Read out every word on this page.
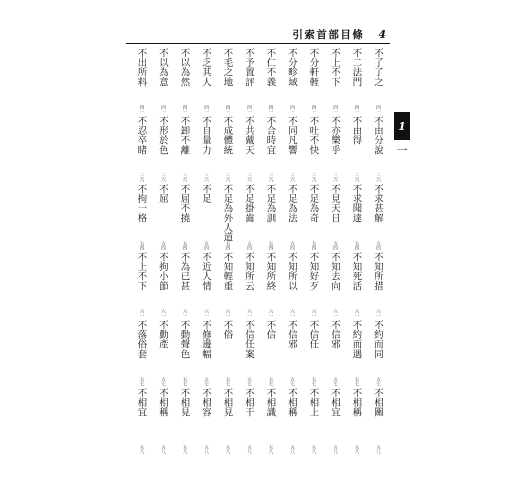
引索首部目條 4
不了了之
四一
不由分說
三六
不求甚解
五四
不知所措
六一
不約而同
五七
不相關
五八
不二法門
四一
不由得
三六
不求聞達
五四
不知死活
六一
不約而遇
五七
不相稱
五八
不上不下
四一
不亦樂乎
三六
不見天日
五四
不知去向
六一
不信邪
五七
不相宜
五八
不分軒輊
四一
不吐不快
三六
不足為奇
五四
不知好歹
六一
不信任
五七
不相上
五八
不分畛域
四一
不同凡響
三六
不足為法
五四
不知所以
六一
不信邪
五七
不相稱
五八
不仁不義
四一
不合時宜
三六
不足為訓
五四
不知所終
六一
不信
五七
不相識
五八
不予置評
四一
不共戴天
三六
不足掛齒
五四
不知所云
六一
不信任案
五七
不相干
五八
不毛之地
四一
不成體統
三六
不足為外人道
五四
不知輕重
六一
不俗
五七
不相見
五八
不乏其人
四一
不自量力
三六
不足
五四
不近人情
六一
不修邊幅
五七
不相容
五八
不以為然
四一
不卸不離
三六
不屈不撓
五四
不為已甚
六一
不動聲色
五七
不相見
五八
不以為意
四一
不形於色
三六
不屈
五四
不拘小節
六一
不動產
五七
不相稱
五八
不出所料
四一
不忍卒睹
三六
不拘一格
五四
不上不下
六一
不落俗套
五七
不相宜
五八
1
一
